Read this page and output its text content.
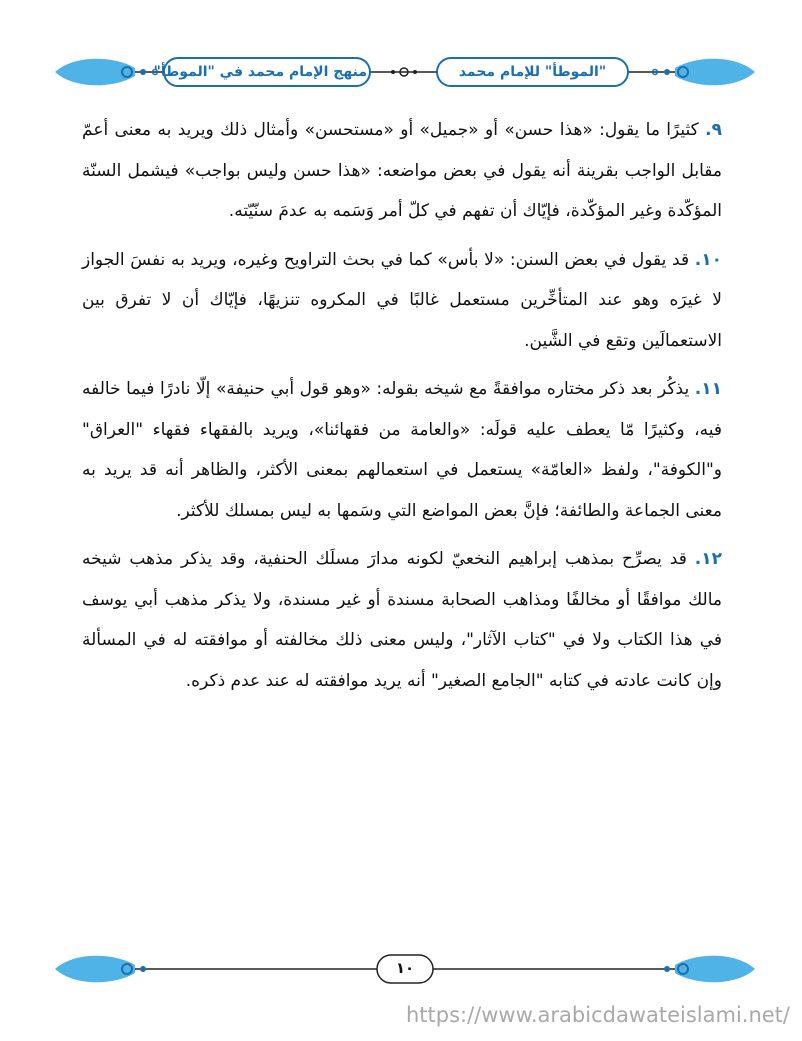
"الموطأ" للإمام محمد
منهج الإمام محمد في "الموطأ"

٩. كثيرًا ما يقول: «هذا حسن» أو «جميل» أو «مستحسن» وأمثال ذلك ويريد به معنى أعمّ مقابل الواجب بقرينة أنه يقول في بعض مواضعه: «هذا حسن وليس بواجب» فيشمل السنّة المؤكّدة وغير المؤكّدة، فإيّاك أن تفهم في كلّ أمر وَسَمه به عدمَ سنّيّته.

١٠. قد يقول في بعض السنن: «لا بأس» كما في بحث التراويح وغيره، ويريد به نفسَ الجواز لا غيرَه وهو عند المتأخِّرين مستعمل غالبًا في المكروه تنزيهًا، فإيّاك أن لا تفرق بين الاستعمالَين وتقع في الشَّين.

١١. يذكُر بعد ذكر مختاره موافقةً مع شيخه بقوله: «وهو قول أبي حنيفة» إلّا نادرًا فيما خالفه فيه، وكثيرًا مّا يعطف عليه قولَه: «والعامة من فقهائنا»، ويريد بالفقهاء فقهاء "العراق" و"الكوفة"، ولفظ «العامّة» يستعمل في استعمالهم بمعنى الأكثر، والظاهر أنه قد يريد به معنى الجماعة والطائفة؛ فإنَّ بعض المواضع التي وسَمها به ليس بمسلك للأكثر.

١٢. قد يصرِّح بمذهب إبراهيم النخعيّ لكونه مدارَ مسلَك الحنفية، وقد يذكر مذهب شيخه مالك موافقًا أو مخالفًا ومذاهب الصحابة مسندة أو غير مسندة، ولا يذكر مذهب أبي يوسف في هذا الكتاب ولا في "كتاب الآثار"، وليس معنى ذلك مخالفته أو موافقته له في المسألة وإن كانت عادته في كتابه "الجامع الصغير" أنه يريد موافقته له عند عدم ذكره.

١٠
https://www.arabicdawateislami.net/
